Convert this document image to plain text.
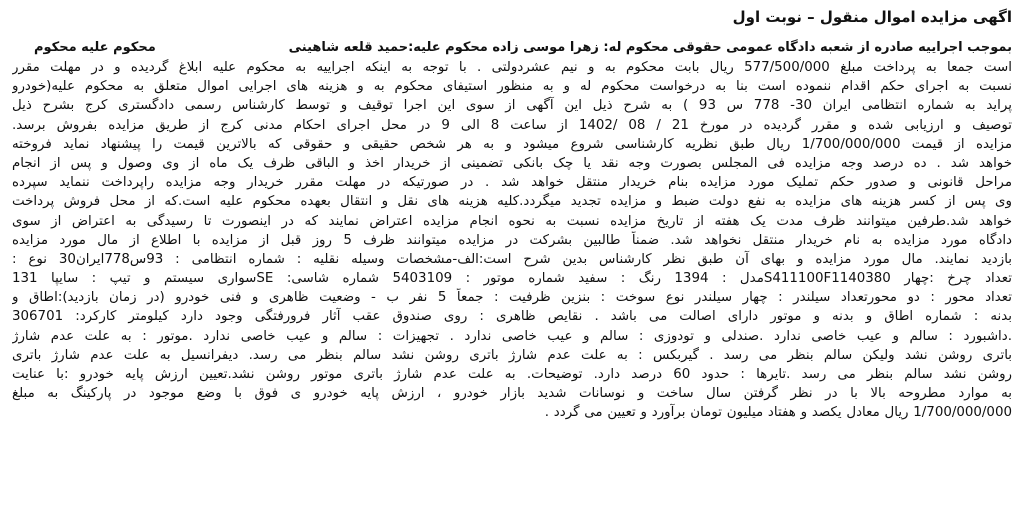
اگهی مزایده اموال منقول – نوبت اول
بموجب اجراییه صادره از شعبه دادگاه عمومی حقوقی محکوم له: زهرا موسی زاده محکوم علیه:حمید قلعه شاهینی
محکوم علیه محکوم
است جمعا به پرداخت مبلغ 577/500/000 ریال بابت محکوم به و نیم عشردولتی . با توجه به اینکه اجراییه به محکوم علیه ابلاغ گردیده و در مهلت مقرر
نسبت به اجرای حکم اقدام ننموده است بنا به درخواست محکوم له و به منظور استیفای محکوم به و هزینه های اجرایی اموال متعلق به محکوم علیه(خودرو
پراید به شماره انتظامی ایران 30- 778 س 93 ) به شرح ذیل این آگهی از سوی این اجرا توقیف و توسط کارشناس رسمی دادگستری کرج بشرح ذیل
توصیف و ارزیابی شده و مقرر گردیده در مورخ 21 / 08 /1402 از ساعت 8 الی 9 در محل اجرای احکام مدنی کرج از طریق مزایده بفروش برسد.
مزایده از قیمت 1/700/000/000 ریال طبق نظریه کارشناسی شروع میشود و به هر شخص حقیقی و حقوقی که بالاترین قیمت را پیشنهاد نماید فروخته
خواهد شد . ده درصد وجه مزایده فی المجلس بصورت وجه نقد یا چک بانکی تضمینی از خریدار اخذ و الباقی ظرف یک ماه از وی وصول و پس از انجام
مراحل قانونی و صدور حکم تملیک مورد مزایده بنام خریدار منتقل خواهد شد . در صورتیکه در مهلت مقرر خریدار وجه مزایده راپرداخت ننماید سپرده
وی پس از کسر هزینه های مزایده به نفع دولت ضبط و مزایده تجدید میگردد.کلیه هزینه های نقل و انتقال بعهده محکوم علیه است.که از محل فروش پرداخت
خواهد شد.طرفین میتوانند ظرف مدت یک هفته از تاریخ مزایده نسبت به نحوه انجام مزایده اعتراض نمایند که در اینصورت تا رسیدگی به اعتراض از سوی
دادگاه مورد مزایده به نام خریدار منتقل نخواهد شد. ضمناً طالبین بشرکت در مزایده میتوانند ظرف 5 روز قبل از مزایده با اطلاع از مال مورد مزایده
بازدید نمایند. مال مورد مزایده و بهای آن طبق نظر کارشناس بدین شرح است:الف-مشخصات وسیله نقلیه : شماره انتظامی : 93س778ایران30 نوع :
تعداد چرخ :چهار S411100F1140380مدل : 1394 رنگ : سفید شماره موتور : 5403109 شماره شاسی: SEسواری سیستم و تیپ : سایپا 131
تعداد محور : دو محورتعداد سیلندر : چهار سیلندر نوع سوخت : بنزین ظرفیت : جمعاً 5 نفر ب - وضعیت ظاهری و فنی خودرو (در زمان بازدید):اطاق و
بدنه : شماره اطاق و بدنه و موتور دارای اصالت می باشد . نقایص ظاهری : روی صندوق عقب آثار فرورفتگی وجود دارد کیلومتر کارکرد: 306701
.داشبورد : سالم و عیب خاصی ندارد .صندلی و تودوزی : سالم و عیب خاصی ندارد . تجهیزات : سالم و عیب خاصی ندارد .موتور : به علت عدم شارژ
باتری روشن نشد ولیکن سالم بنظر می رسد . گیربکس : به علت عدم شارژ باتری روشن نشد سالم بنظر می رسد. دیفرانسیل به علت عدم شارژ باتری
روشن نشد سالم بنظر می رسد .تایرها : حدود 60 درصد دارد. توضیحات. به علت عدم شارژ باتری موتور روشن نشد.تعیین ارزش پایه خودرو :با عنایت
به موارد مطروحه بالا با در نظر گرفتن سال ساخت و نوسانات شدید بازار خودرو ، ارزش پایه خودرو ی فوق با وضع موجود در پارکینگ به مبلغ
1/700/000/000 ریال معادل یکصد و هفتاد میلیون تومان برآورد و تعیین می گردد .
